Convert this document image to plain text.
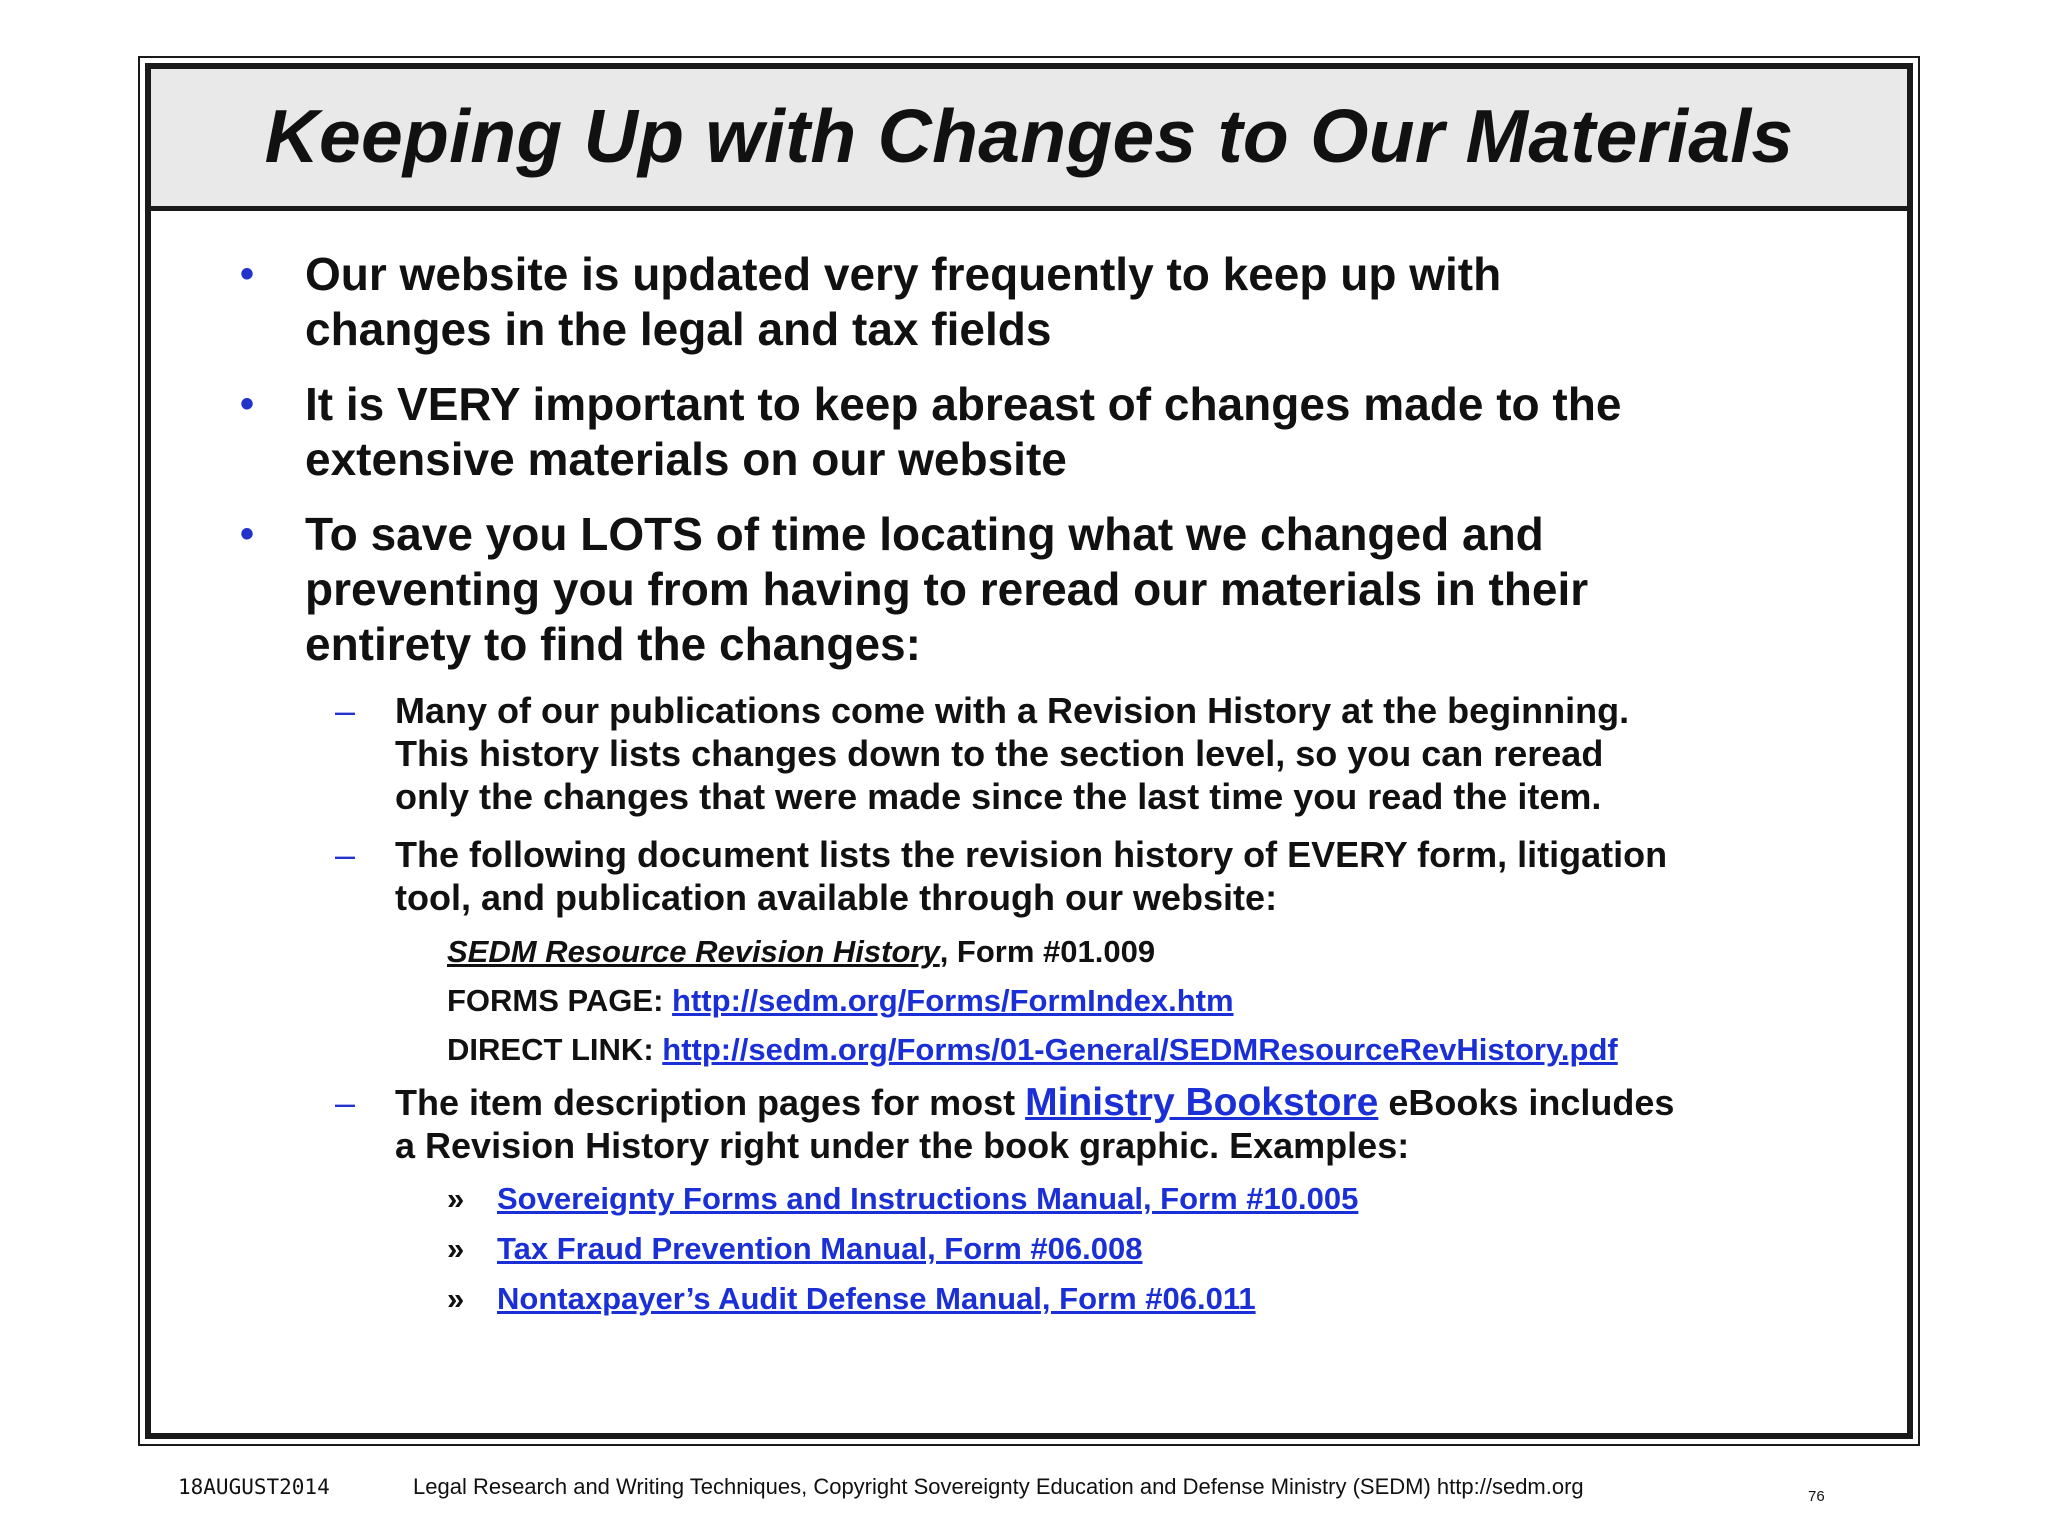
Keeping Up with Changes to Our Materials
• Our website is updated very frequently to keep up with
changes in the legal and tax fields
• It is VERY important to keep abreast of changes made to the
extensive materials on our website
• To save you LOTS of time locating what we changed and
preventing you from having to reread our materials in their
entirety to find the changes:
– Many of our publications come with a Revision History at the beginning.
This history lists changes down to the section level, so you can reread
only the changes that were made since the last time you read the item.
– The following document lists the revision history of EVERY form, litigation
tool, and publication available through our website:
SEDM Resource Revision History, Form #01.009
FORMS PAGE: http://sedm.org/Forms/FormIndex.htm
DIRECT LINK: http://sedm.org/Forms/01-General/SEDMResourceRevHistory.pdf
– The item description pages for most Ministry Bookstore eBooks includes
a Revision History right under the book graphic. Examples:
» Sovereignty Forms and Instructions Manual, Form #10.005
» Tax Fraud Prevention Manual, Form #06.008
» Nontaxpayer’s Audit Defense Manual, Form #06.011
18AUGUST2014	Legal Research and Writing Techniques, Copyright Sovereignty Education and Defense Ministry (SEDM) http://sedm.org	76
